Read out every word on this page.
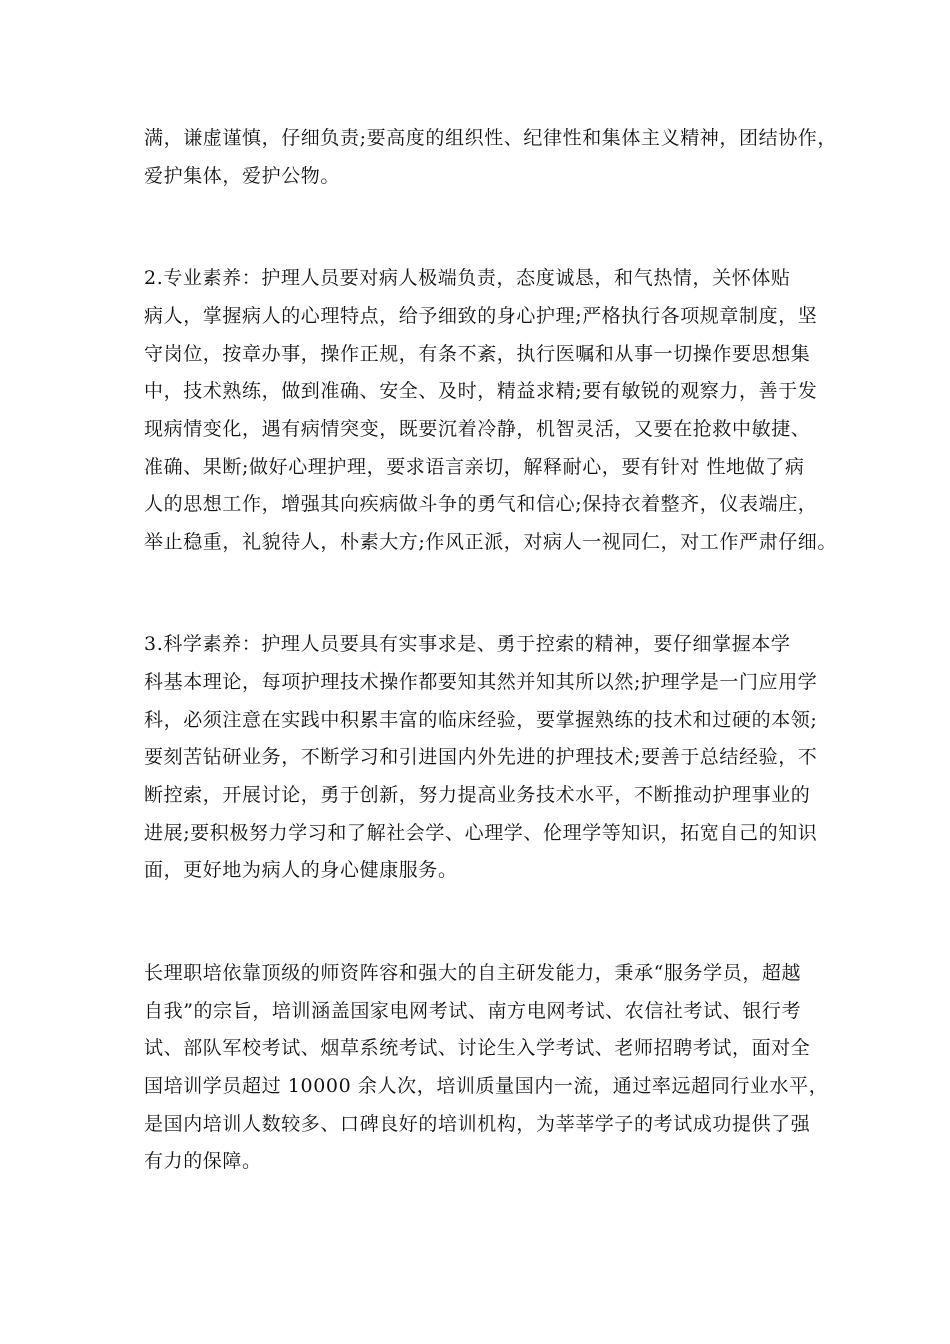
满，谦虚谨慎，仔细负责;要高度的组织性、纪律性和集体主义精神，团结协作，
爱护集体，爱护公物。
2.专业素养：护理人员要对病人极端负责，态度诚恳，和气热情，关怀体贴
病人，掌握病人的心理特点，给予细致的身心护理;严格执行各项规章制度，坚
守岗位，按章办事，操作正规，有条不紊，执行医嘱和从事一切操作要思想集
中，技术熟练，做到准确、安全、及时，精益求精;要有敏锐的观察力，善于发
现病情变化，遇有病情突变，既要沉着冷静，机智灵活，又要在抢救中敏捷、
准确、果断;做好心理护理，要求语言亲切，解释耐心，要有针对 性地做了病
人的思想工作，增强其向疾病做斗争的勇气和信心;保持衣着整齐，仪表端庄，
举止稳重，礼貌待人，朴素大方;作风正派，对病人一视同仁，对工作严肃仔细。
3.科学素养：护理人员要具有实事求是、勇于控索的精神，要仔细掌握本学
科基本理论，每项护理技术操作都要知其然并知其所以然;护理学是一门应用学
科，必须注意在实践中积累丰富的临床经验，要掌握熟练的技术和过硬的本领;
要刻苦钻研业务，不断学习和引进国内外先进的护理技术;要善于总结经验，不
断控索，开展讨论，勇于创新，努力提高业务技术水平，不断推动护理事业的
进展;要积极努力学习和了解社会学、心理学、伦理学等知识，拓宽自己的知识
面，更好地为病人的身心健康服务。
长理职培依靠顶级的师资阵容和强大的自主研发能力，秉承“服务学员，超越
自我”的宗旨，培训涵盖国家电网考试、南方电网考试、农信社考试、银行考
试、部队军校考试、烟草系统考试、讨论生入学考试、老师招聘考试，面对全
国培训学员超过 10000 余人次，培训质量国内一流，通过率远超同行业水平，
是国内培训人数较多、口碑良好的培训机构，为莘莘学子的考试成功提供了强
有力的保障。
